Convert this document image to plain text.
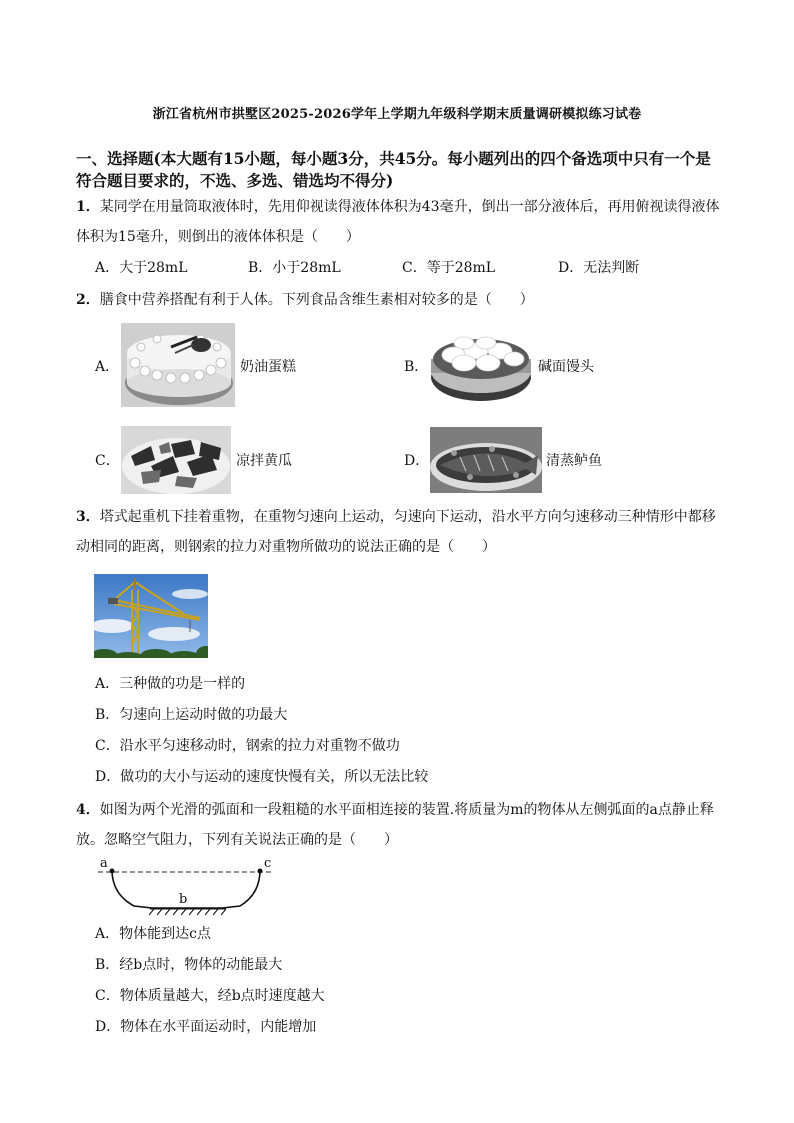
浙江省杭州市拱墅区2025-2026学年上学期九年级科学期末质量调研模拟练习试卷
一、选择题(本大题有15小题，每小题3分，共45分。每小题列出的四个备选项中只有一个是符合题目要求的，不选、多选、错选均不得分)
1．某同学在用量筒取液体时，先用仰视读得液体体积为43毫升，倒出一部分液体后，再用俯视读得液体体积为15毫升，则倒出的液体体积是（　　）
A．大于28mL	B．小于28mL	C．等于28mL	D．无法判断
2．膳食中营养搭配有利于人体。下列食品含维生素相对较多的是（　　）
A．	奶油蛋糕	B．	碱面馒头
C．	凉拌黄瓜	D．	清蒸鲈鱼
3．塔式起重机下挂着重物，在重物匀速向上运动，匀速向下运动，沿水平方向匀速移动三种情形中都移动相同的距离，则钢索的拉力对重物所做功的说法正确的是（　　）
A．三种做的功是一样的
B．匀速向上运动时做的功最大
C．沿水平匀速移动时，钢索的拉力对重物不做功
D．做功的大小与运动的速度快慢有关，所以无法比较
4．如图为两个光滑的弧面和一段粗糙的水平面相连接的装置.将质量为m的物体从左侧弧面的a点静止释放。忽略空气阻力，下列有关说法正确的是（　　）
a	c
b
A．物体能到达c点
B．经b点时，物体的动能最大
C．物体质量越大，经b点时速度越大
D．物体在水平面运动时，内能增加
